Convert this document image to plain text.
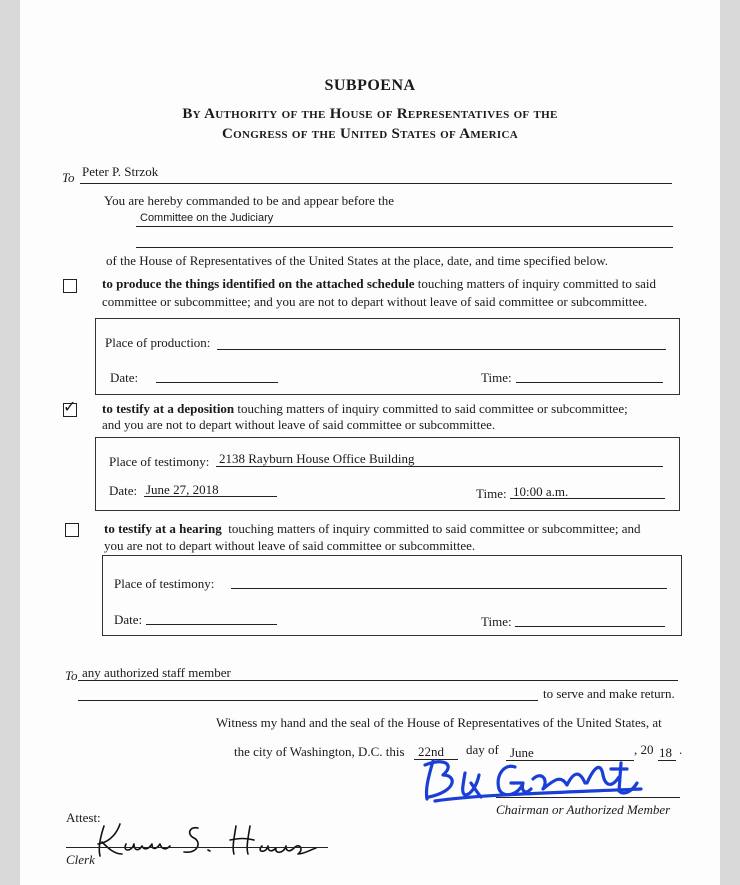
SUBPOENA
By Authority of the House of Representatives of the
Congress of the United States of America
To Peter P. Strzok
You are hereby commanded to be and appear before the
Committee on the Judiciary
of the House of Representatives of the United States at the place, date, and time specified below.
to produce the things identified on the attached schedule touching matters of inquiry committed to said
committee or subcommittee; and you are not to depart without leave of said committee or subcommittee.
Place of production:
Date:	Time:
✓ to testify at a deposition touching matters of inquiry committed to said committee or subcommittee;
and you are not to depart without leave of said committee or subcommittee.
Place of testimony: 2138 Rayburn House Office Building
Date: June 27, 2018	Time: 10:00 a.m.
to testify at a hearing  touching matters of inquiry committed to said committee or subcommittee; and
you are not to depart without leave of said committee or subcommittee.
Place of testimony:
Date:	Time:
To any authorized staff member
to serve and make return.
Witness my hand and the seal of the House of Representatives of the United States, at
the city of Washington, D.C. this 22nd day of June	, 20 18 .
Chairman or Authorized Member
Attest:
Clerk
